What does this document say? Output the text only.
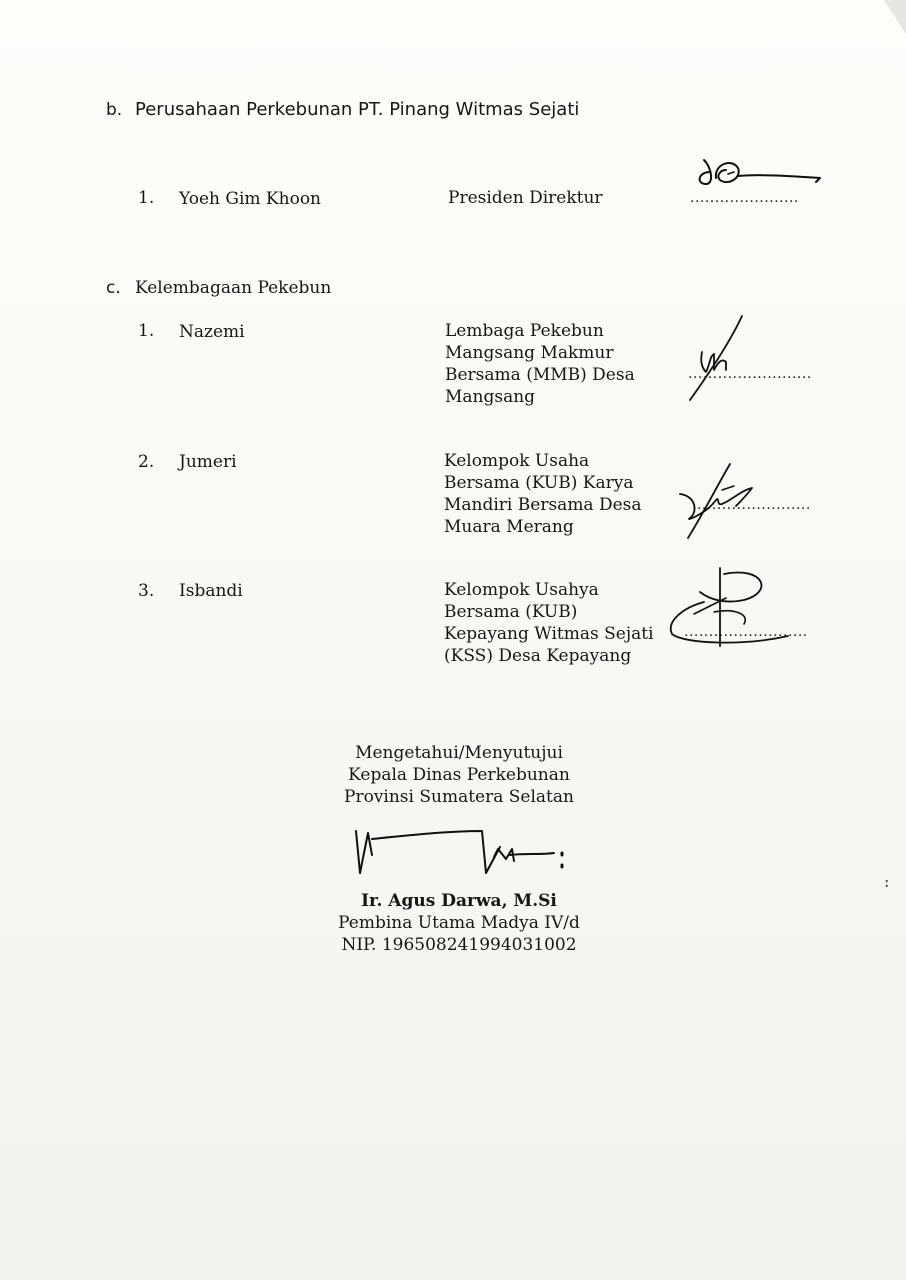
b. Perusahaan Perkebunan PT. Pinang Witmas Sejati
1. Yoeh Gim Khoon	Presiden Direktur	......................
c. Kelembagaan Pekebun
1. Nazemi	Lembaga Pekebun
Mangsang Makmur
Bersama (MMB) Desa
Mangsang
.........................
2. Jumeri	Kelompok Usaha
Bersama (KUB) Karya
Mandiri Bersama Desa
Muara Merang
........................
3. Isbandi	Kelompok Usahya
Bersama (KUB)
Kepayang Witmas Sejati
(KSS) Desa Kepayang
.........................
Mengetahui/Menyutujui
Kepala Dinas Perkebunan
Provinsi Sumatera Selatan
Ir. Agus Darwa, M.Si
Pembina Utama Madya IV/d
NIP. 196508241994031002
:
